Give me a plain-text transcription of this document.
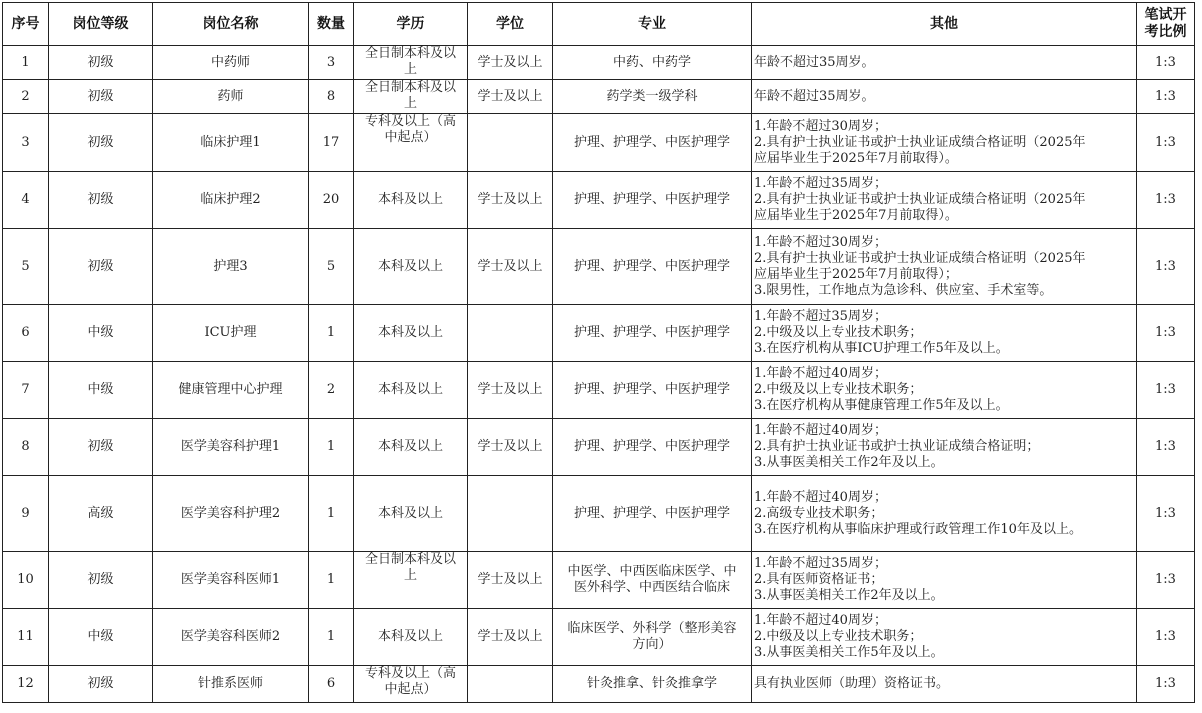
序号	岗位等级	岗位名称	数量	学历	学位	专业	其他	笔试开
考比例

1	初级	中药师	3	全日制本科及以
上	学士及以上	中药、中药学	年龄不超过35周岁。	1:3
2	初级	药师	8	全日制本科及以
上	学士及以上	药学类一级学科	年龄不超过35周岁。	1:3
3	初级	临床护理1	17	专科及以上（高
中起点）		护理、护理学、中医护理学	1.年龄不超过30周岁；
2.具有护士执业证书或护士执业证成绩合格证明（2025年
应届毕业生于2025年7月前取得）。	1:3
4	初级	临床护理2	20	本科及以上	学士及以上	护理、护理学、中医护理学	1.年龄不超过35周岁；
2.具有护士执业证书或护士执业证成绩合格证明（2025年
应届毕业生于2025年7月前取得）。	1:3
5	初级	护理3	5	本科及以上	学士及以上	护理、护理学、中医护理学	1.年龄不超过30周岁；
2.具有护士执业证书或护士执业证成绩合格证明（2025年
应届毕业生于2025年7月前取得）；
3.限男性，工作地点为急诊科、供应室、手术室等。	1:3
6	中级	ICU护理	1	本科及以上		护理、护理学、中医护理学	1.年龄不超过35周岁；
2.中级及以上专业技术职务；
3.在医疗机构从事ICU护理工作5年及以上。	1:3
7	中级	健康管理中心护理	2	本科及以上	学士及以上	护理、护理学、中医护理学	1.年龄不超过40周岁；
2.中级及以上专业技术职务；
3.在医疗机构从事健康管理工作5年及以上。	1:3
8	初级	医学美容科护理1	1	本科及以上	学士及以上	护理、护理学、中医护理学	1.年龄不超过40周岁；
2.具有护士执业证书或护士执业证成绩合格证明；
3.从事医美相关工作2年及以上。	1:3
9	高级	医学美容科护理2	1	本科及以上		护理、护理学、中医护理学	1.年龄不超过40周岁；
2.高级专业技术职务；
3.在医疗机构从事临床护理或行政管理工作10年及以上。	1:3
10	初级	医学美容科医师1	1	全日制本科及以
上	学士及以上	中医学、中西医临床医学、中
医外科学、中西医结合临床	1.年龄不超过35周岁；
2.具有医师资格证书；
3.从事医美相关工作2年及以上。	1:3
11	中级	医学美容科医师2	1	本科及以上	学士及以上	临床医学、外科学（整形美容
方向）	1.年龄不超过40周岁；
2.中级及以上专业技术职务；
3.从事医美相关工作5年及以上。	1:3
12	初级	针推系医师	6	专科及以上（高
中起点）		针灸推拿、针灸推拿学	具有执业医师（助理）资格证书。	1:3
